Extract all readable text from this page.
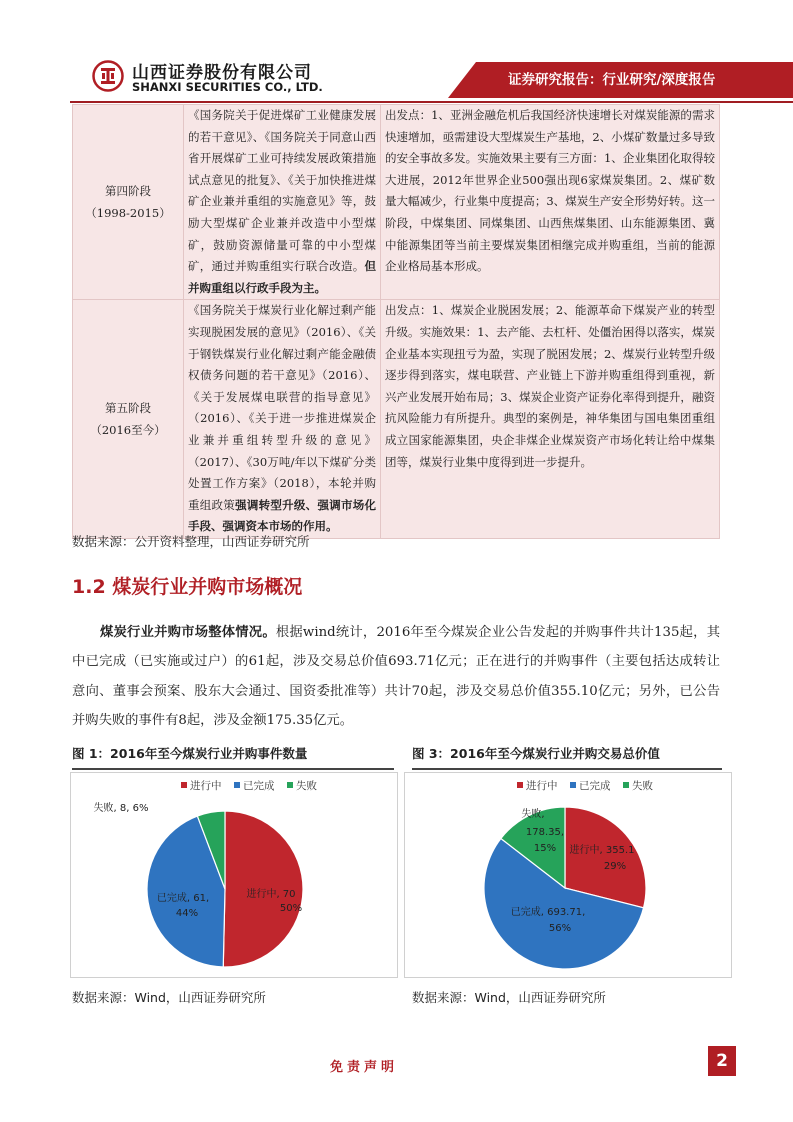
山西证券股份有限公司
SHANXI SECURITIES CO., LTD.	证券研究报告：行业研究/深度报告
第四阶段
（1998-2015）	《国务院关于促进煤矿工业健康发展的若干意见》、《国务院关于同意山西省开展煤矿工业可持续发展政策措施试点意见的批复》、《关于加快推进煤矿企业兼并重组的实施意见》等，鼓励大型煤矿企业兼并改造中小型煤矿，鼓励资源储量可靠的中小型煤矿，通过并购重组实行联合改造。但并购重组以行政手段为主。	出发点：1、亚洲金融危机后我国经济快速增长对煤炭能源的需求快速增加，亟需建设大型煤炭生产基地，2、小煤矿数量过多导致的安全事故多发。实施效果主要有三方面：1、企业集团化取得较大进展，2012年世界企业500强出现6家煤炭集团。2、煤矿数量大幅减少，行业集中度提高；3、煤炭生产安全形势好转。这一阶段，中煤集团、同煤集团、山西焦煤集团、山东能源集团、冀中能源集团等当前主要煤炭集团相继完成并购重组，当前的能源企业格局基本形成。

第五阶段
（2016至今）	《国务院关于煤炭行业化解过剩产能实现脱困发展的意见》（2016）、《关于钢铁煤炭行业化解过剩产能金融债权债务问题的若干意见》（2016）、《关于发展煤电联营的指导意见》（2016）、《关于进一步推进煤炭企业兼并重组转型升级的意见》（2017）、《30万吨/年以下煤矿分类处置工作方案》（2018），本轮并购重组政策强调转型升级、强调市场化手段、强调资本市场的作用。	出发点：1、煤炭企业脱困发展；2、能源革命下煤炭产业的转型升级。实施效果：1、去产能、去杠杆、处僵治困得以落实，煤炭企业基本实现扭亏为盈，实现了脱困发展；2、煤炭行业转型升级逐步得到落实，煤电联营、产业链上下游并购重组得到重视，新兴产业发展开始布局；3、煤炭企业资产证券化率得到提升，融资抗风险能力有所提升。典型的案例是，神华集团与国电集团重组成立国家能源集团，央企非煤企业煤炭资产市场化转让给中煤集团等，煤炭行业集中度得到进一步提升。
数据来源：公开资料整理，山西证券研究所
1.2 煤炭行业并购市场概况
煤炭行业并购市场整体情况。根据wind统计，2016年至今煤炭企业公告发起的并购事件共计135起，其中已完成（已实施或过户）的61起，涉及交易总价值693.71亿元；正在进行的并购事件（主要包括达成转让意向、董事会预案、股东大会通过、国资委批准等）共计70起，涉及交易总价值355.10亿元；另外，已公告并购失败的事件有8起，涉及金额175.35亿元。
图 1：2016年至今煤炭行业并购事件数量
进行中 已完成 失败
进行中, 70
50%
已完成, 61,
44%
失败, 8, 6%
数据来源：Wind，山西证券研究所
图 3：2016年至今煤炭行业并购交易总价值
进行中 已完成 失败
进行中, 355.1
29%
已完成, 693.71,
56%
失败,
178.35,
15%
数据来源：Wind，山西证券研究所
免责声明	2
